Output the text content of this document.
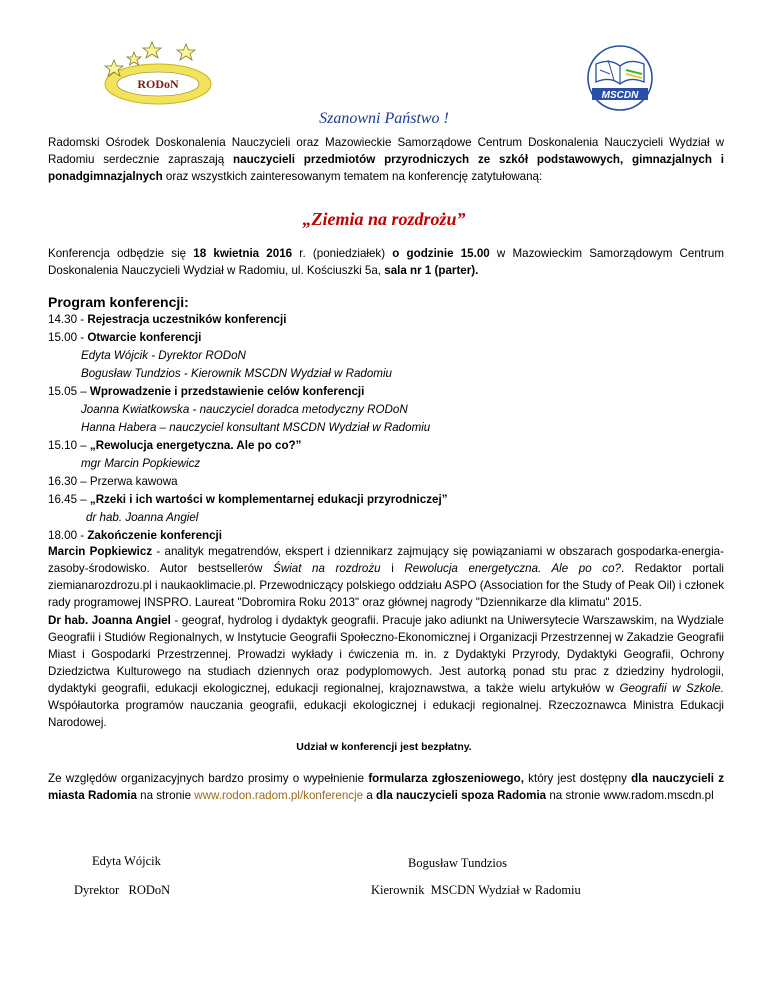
RODoN
MSCDN
Szanowni Państwo !
Radomski Ośrodek Doskonalenia Nauczycieli oraz Mazowieckie Samorządowe Centrum Doskonalenia Nauczycieli Wydział w Radomiu serdecznie zapraszają nauczycieli przedmiotów przyrodniczych ze szkół podstawowych, gimnazjalnych i ponadgimnazjalnych oraz wszystkich zainteresowanym tematem na konferencję zatytułowaną:
„Ziemia na rozdrożu”
Konferencja odbędzie się 18 kwietnia 2016 r. (poniedziałek) o godzinie 15.00 w Mazowieckim Samorządowym Centrum Doskonalenia Nauczycieli Wydział w Radomiu, ul. Kościuszki 5a, sala nr 1 (parter).
Program konferencji:
14.30 - Rejestracja uczestników konferencji
15.00 - Otwarcie konferencji
Edyta Wójcik - Dyrektor RODoN
Bogusław Tundzios - Kierownik MSCDN Wydział w Radomiu
15.05 – Wprowadzenie i przedstawienie celów konferencji
Joanna Kwiatkowska - nauczyciel doradca metodyczny RODoN
Hanna Habera – nauczyciel konsultant MSCDN Wydział w Radomiu
15.10 – „Rewolucja energetyczna. Ale po co?”
mgr Marcin Popkiewicz
16.30 – Przerwa kawowa
16.45 – „Rzeki i ich wartości w komplementarnej edukacji przyrodniczej”
dr hab. Joanna Angiel
18.00 - Zakończenie konferencji
Marcin Popkiewicz - analityk megatrendów, ekspert i dziennikarz zajmujący się powiązaniami w obszarach gospodarka-energia-zasoby-środowisko. Autor bestsellerów Świat na rozdrożu i Rewolucja energetyczna. Ale po co?. Redaktor portali ziemianarozdrozu.pl i naukaoklimacie.pl. Przewodniczący polskiego oddziału ASPO (Association for the Study of Peak Oil) i członek rady programowej INSPRO. Laureat "Dobromira Roku 2013" oraz głównej nagrody "Dziennikarze dla klimatu" 2015.
Dr hab. Joanna Angiel - geograf, hydrolog i dydaktyk geografii. Pracuje jako adiunkt na Uniwersytecie Warszawskim, na Wydziale Geografii i Studiów Regionalnych, w Instytucie Geografii Społeczno-Ekonomicznej i Organizacji Przestrzennej w Zakadzie Geografii Miast i Gospodarki Przestrzennej. Prowadzi wykłady i ćwiczenia m. in. z Dydaktyki Przyrody, Dydaktyki Geografii, Ochrony Dziedzictwa Kulturowego na studiach dziennych oraz podyplomowych. Jest autorką ponad stu prac z dziedziny hydrologii, dydaktyki geografii, edukacji ekologicznej, edukacji regionalnej, krajoznawstwa, a także wielu artykułów w Geografii w Szkole. Współautorka programów nauczania geografii, edukacji ekologicznej i edukacji regionalnej. Rzeczoznawca Ministra Edukacji Narodowej.
Udział w konferencji jest bezpłatny.
Ze względów organizacyjnych bardzo prosimy o wypełnienie formularza zgłoszeniowego, który jest dostępny dla nauczycieli z miasta Radomia na stronie www.rodon.radom.pl/konferencje a dla nauczycieli spoza Radomia na stronie www.radom.mscdn.pl
Edyta Wójcik
Dyrektor   RODoN
Bogusław Tundzios
Kierownik  MSCDN Wydział w Radomiu
